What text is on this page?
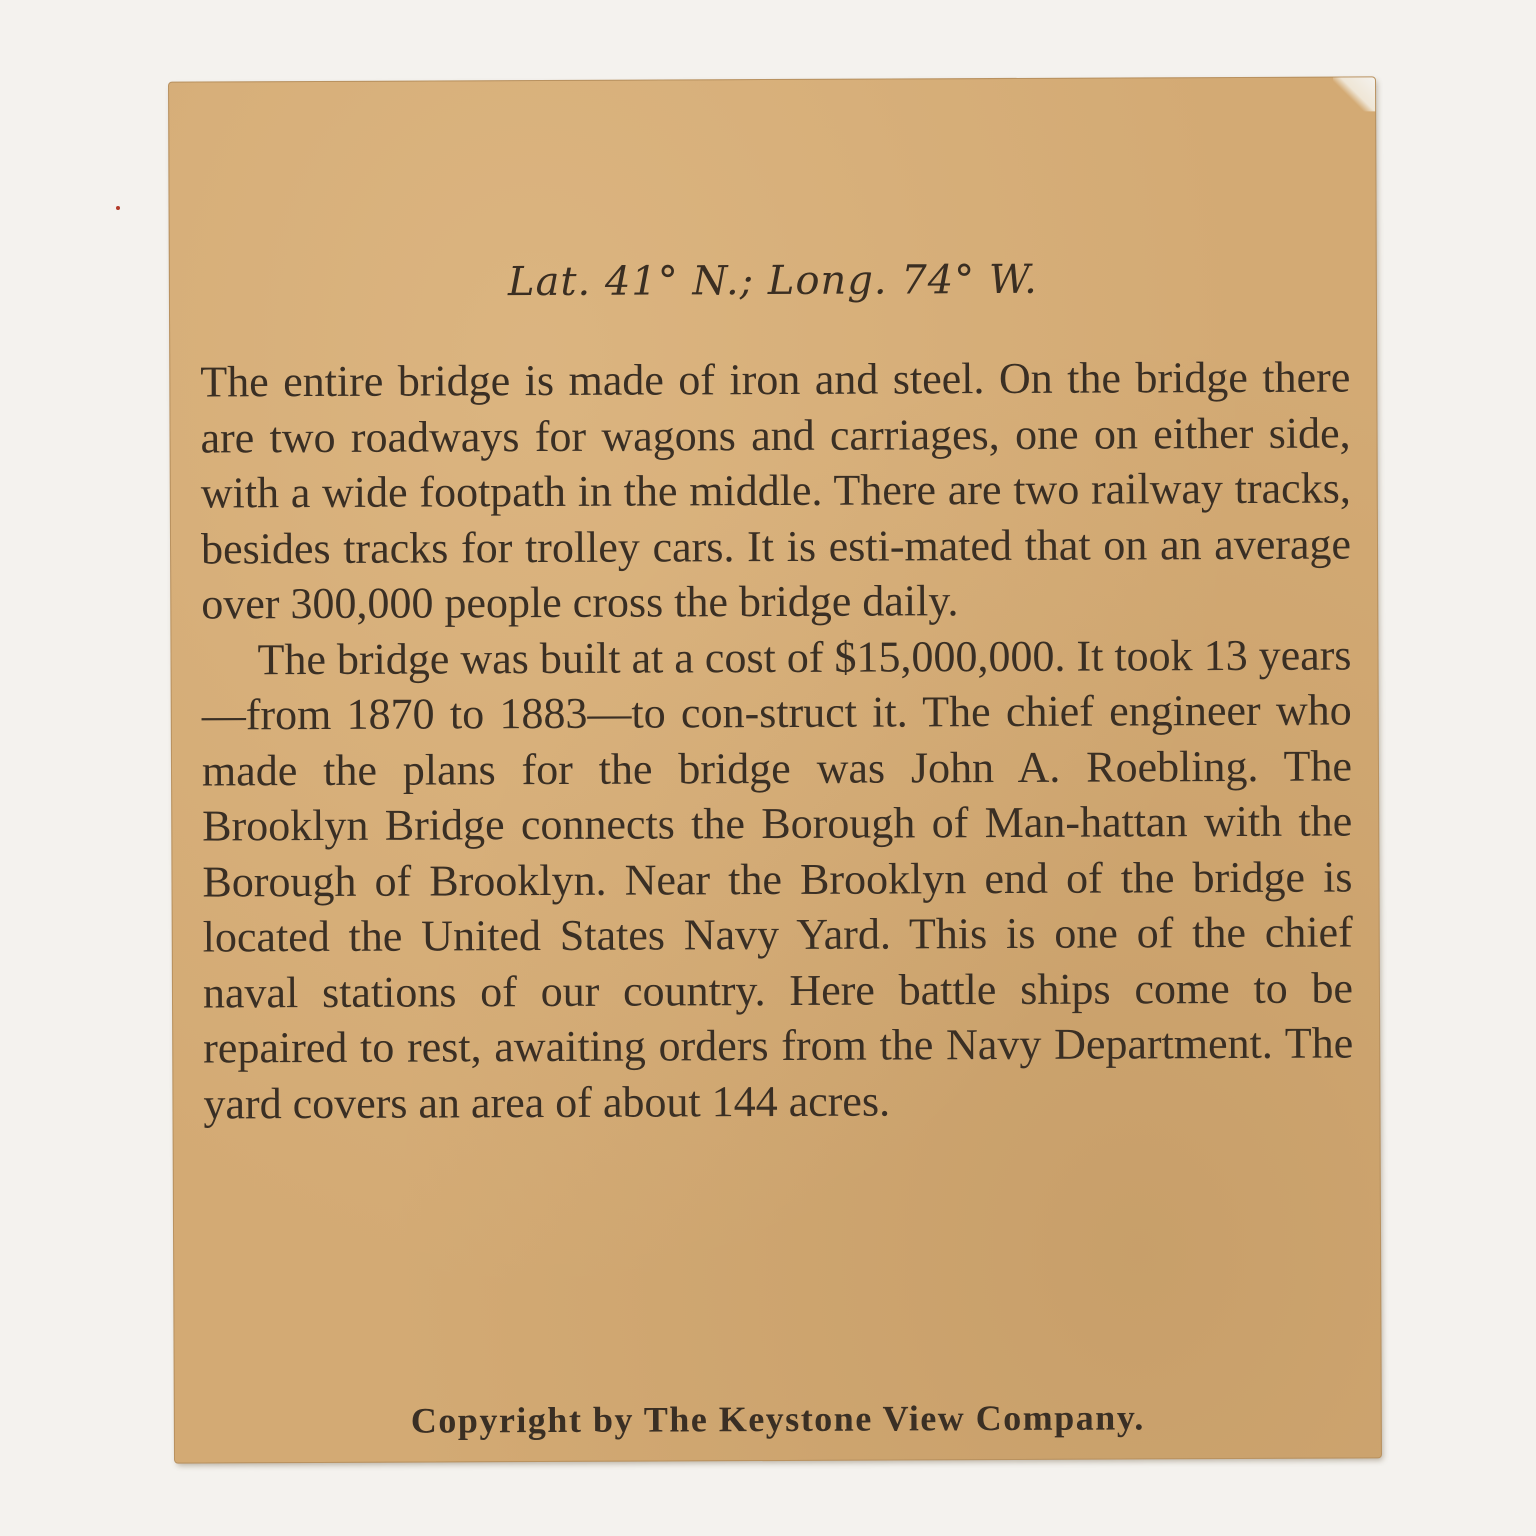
Lat. 41° N.; Long. 74° W.

The entire bridge is made of iron and steel. On the bridge there are two roadways for wagons and carriages, one on either side, with a wide footpath in the middle. There are two railway tracks, besides tracks for trolley cars. It is esti-mated that on an average over 300,000 people cross the bridge daily.

The bridge was built at a cost of $15,000,000. It took 13 years—from 1870 to 1883—to con-struct it. The chief engineer who made the plans for the bridge was John A. Roebling. The Brooklyn Bridge connects the Borough of Man-hattan with the Borough of Brooklyn. Near the Brooklyn end of the bridge is located the United States Navy Yard. This is one of the chief naval stations of our country. Here battle ships come to be repaired to rest, awaiting orders from the Navy Department. The yard covers an area of about 144 acres.

Copyright by The Keystone View Company.
